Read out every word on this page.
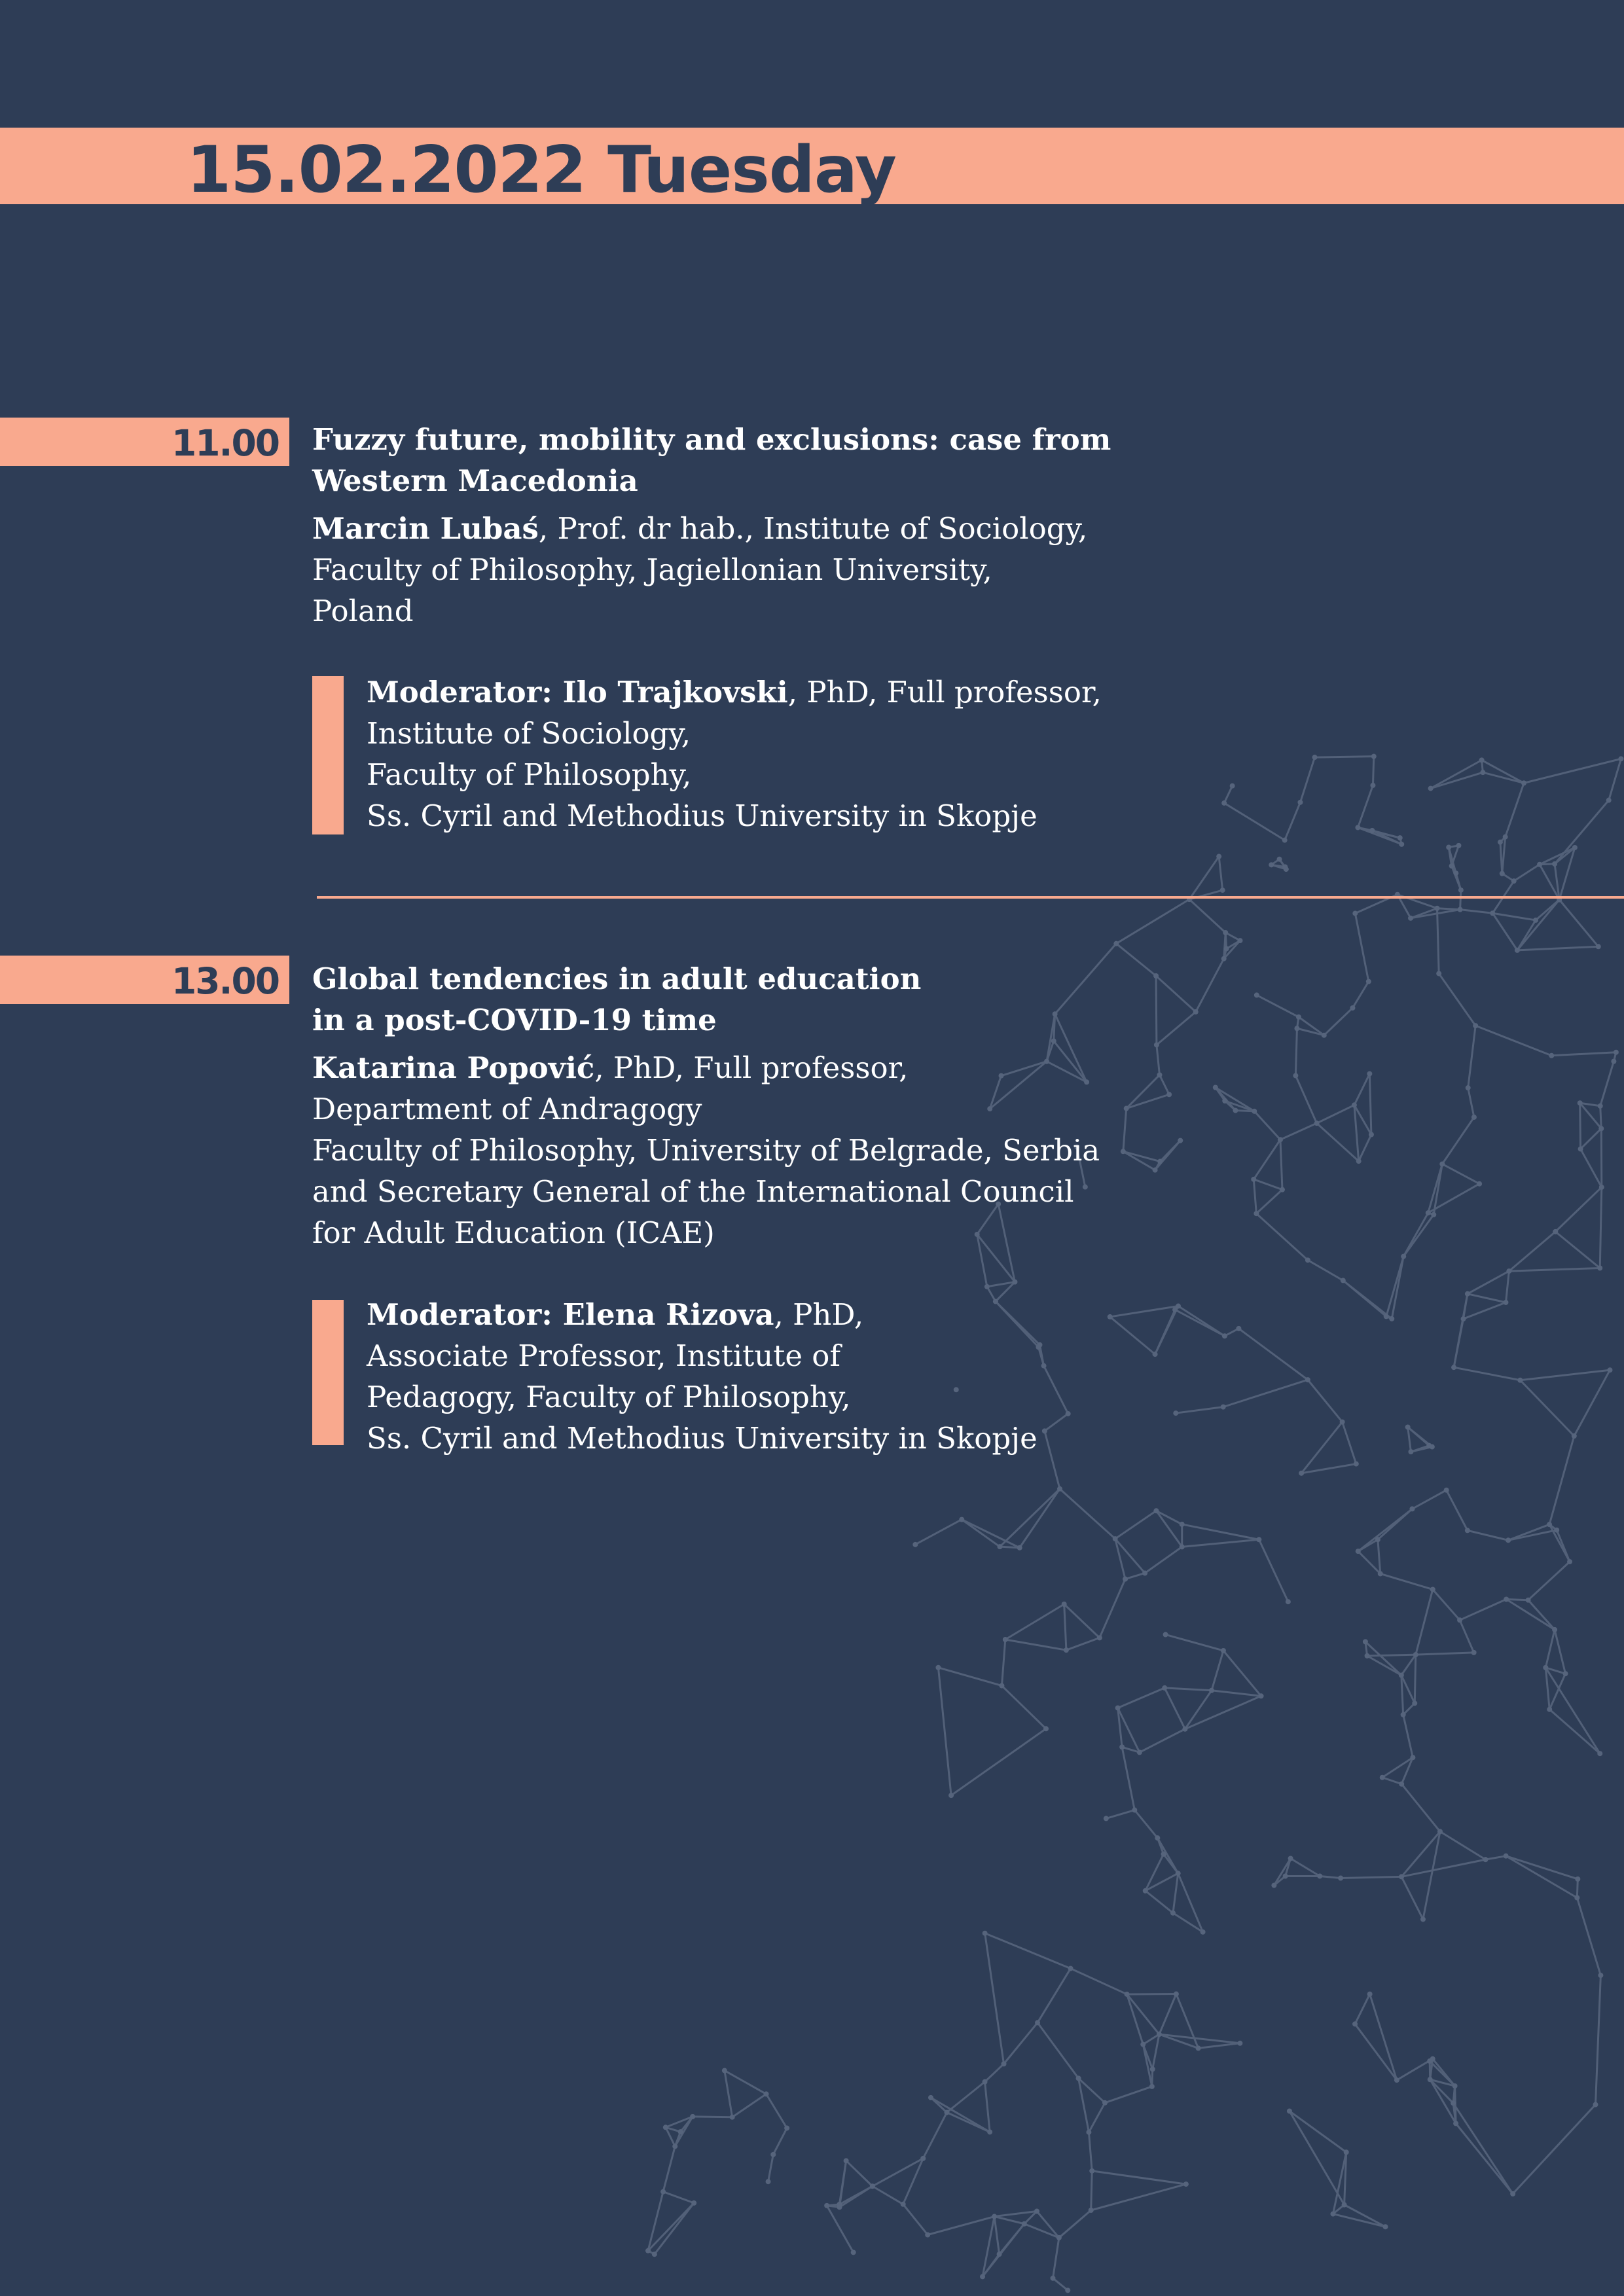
15.02.2022 Tuesday
11.00 Fuzzy future, mobility and exclusions: case from
Western Macedonia
Marcin Lubaś, Prof. dr hab., Institute of Sociology,
Faculty of Philosophy, Jagiellonian University,
Poland
Moderator: Ilo Trajkovski, PhD, Full professor,
Institute of Sociology,
Faculty of Philosophy,
Ss. Cyril and Methodius University in Skopje
13.00 Global tendencies in adult education
in a post-COVID-19 time
Katarina Popović, PhD, Full professor,
Department of Andragogy
Faculty of Philosophy, University of Belgrade, Serbia
and Secretary General of the International Council
for Adult Education (ICAE)
Moderator: Elena Rizova, PhD,
Associate Professor, Institute of
Pedagogy, Faculty of Philosophy,
Ss. Cyril and Methodius University in Skopje
